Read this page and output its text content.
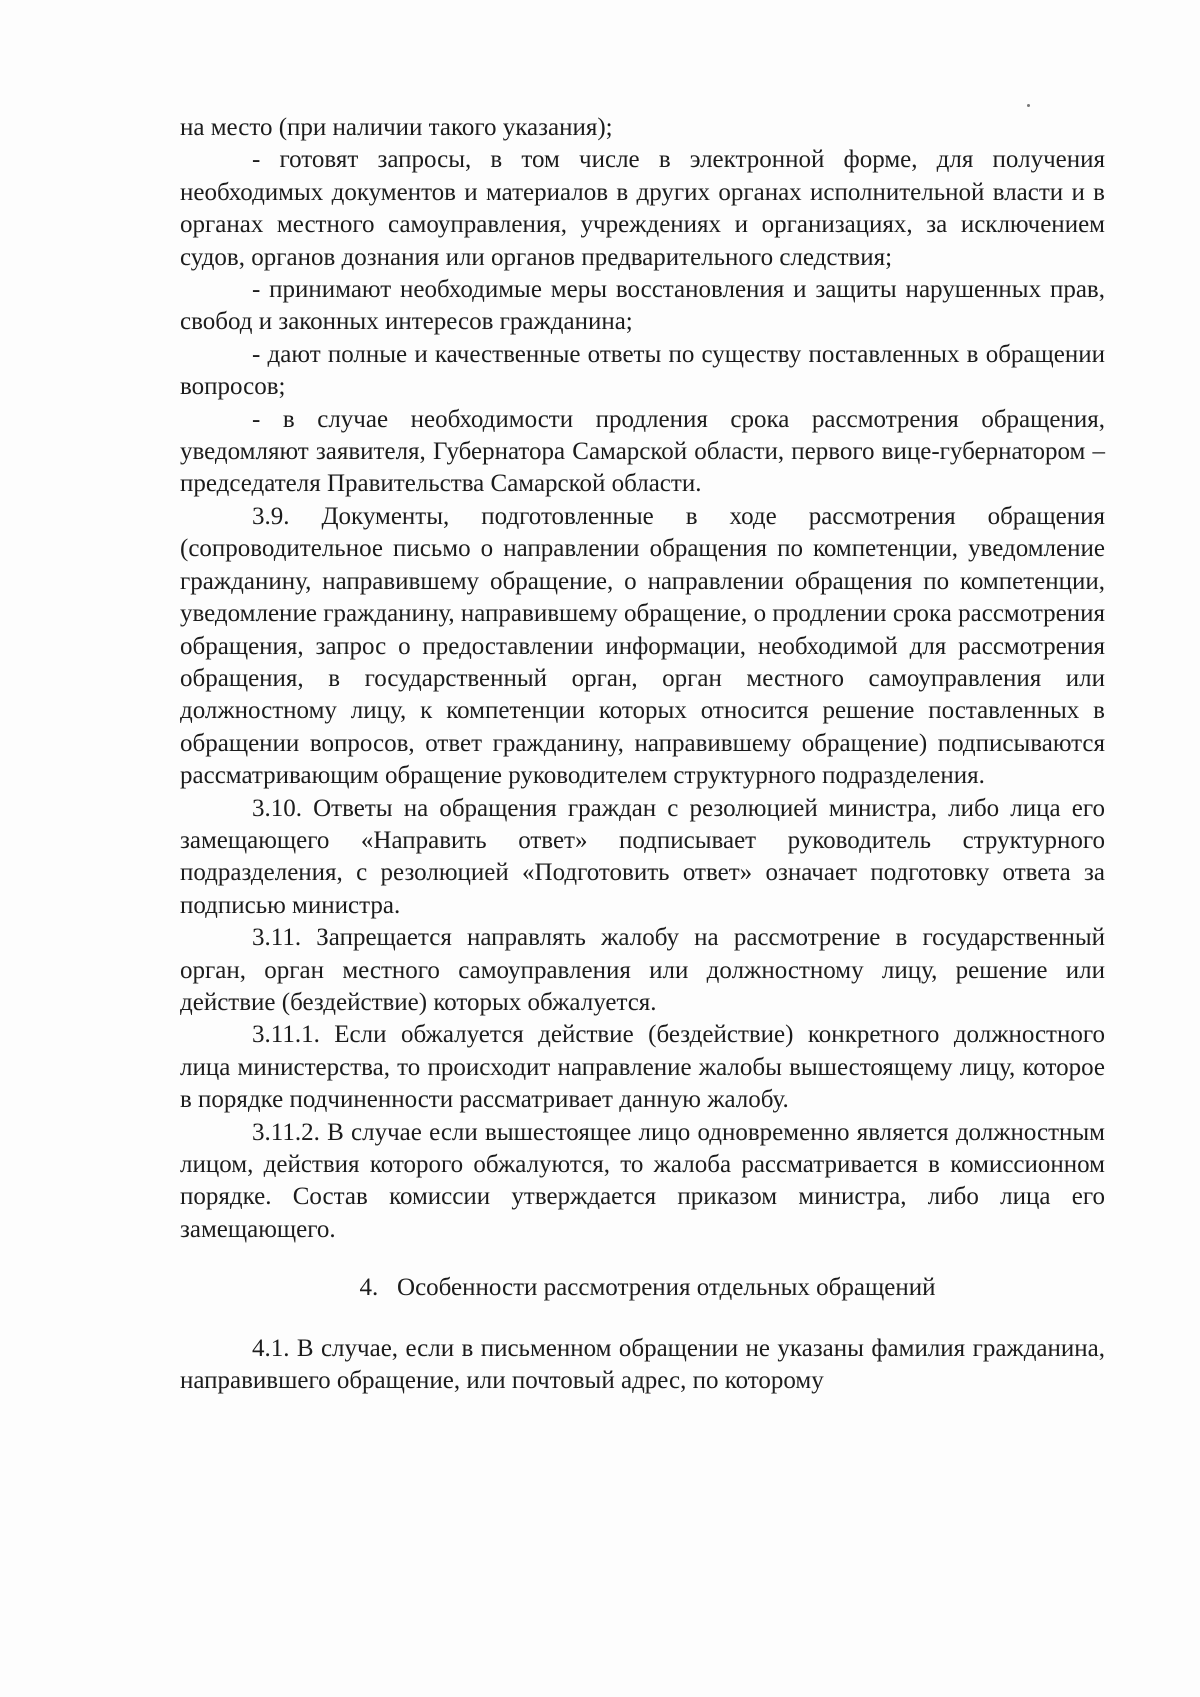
на место (при наличии такого указания);

- готовят запросы, в том числе в электронной форме, для получения необходимых документов и материалов в других органах исполнительной власти и в органах местного самоуправления, учреждениях и организациях, за исключением судов, органов дознания или органов предварительного следствия;

- принимают необходимые меры восстановления и защиты нарушенных прав, свобод и законных интересов гражданина;

- дают полные и качественные ответы по существу поставленных в обращении вопросов;

- в случае необходимости продления срока рассмотрения обращения, уведомляют заявителя, Губернатора Самарской области, первого вице-губернатором – председателя Правительства Самарской области.

3.9. Документы, подготовленные в ходе рассмотрения обращения (сопроводительное письмо о направлении обращения по компетенции, уведомление гражданину, направившему обращение, о направлении обращения по компетенции, уведомление гражданину, направившему обращение, о продлении срока рассмотрения обращения, запрос о предоставлении информации, необходимой для рассмотрения обращения, в государственный орган, орган местного самоуправления или должностному лицу, к компетенции которых относится решение поставленных в обращении вопросов, ответ гражданину, направившему обращение) подписываются рассматривающим обращение руководителем структурного подразделения.

3.10. Ответы на обращения граждан с резолюцией министра, либо лица его замещающего «Направить ответ» подписывает руководитель структурного подразделения, с резолюцией «Подготовить ответ» означает подготовку ответа за подписью министра.

3.11. Запрещается направлять жалобу на рассмотрение в государственный орган, орган местного самоуправления или должностному лицу, решение или действие (бездействие) которых обжалуется.

3.11.1. Если обжалуется действие (бездействие) конкретного должностного лица министерства, то происходит направление жалобы вышестоящему лицу, которое в порядке подчиненности рассматривает данную жалобу.

3.11.2. В случае если вышестоящее лицо одновременно является должностным лицом, действия которого обжалуются, то жалоба рассматривается в комиссионном порядке. Состав комиссии утверждается приказом министра, либо лица его замещающего.

4.   Особенности рассмотрения отдельных обращений

4.1. В случае, если в письменном обращении не указаны фамилия гражданина, направившего обращение, или почтовый адрес, по которому
